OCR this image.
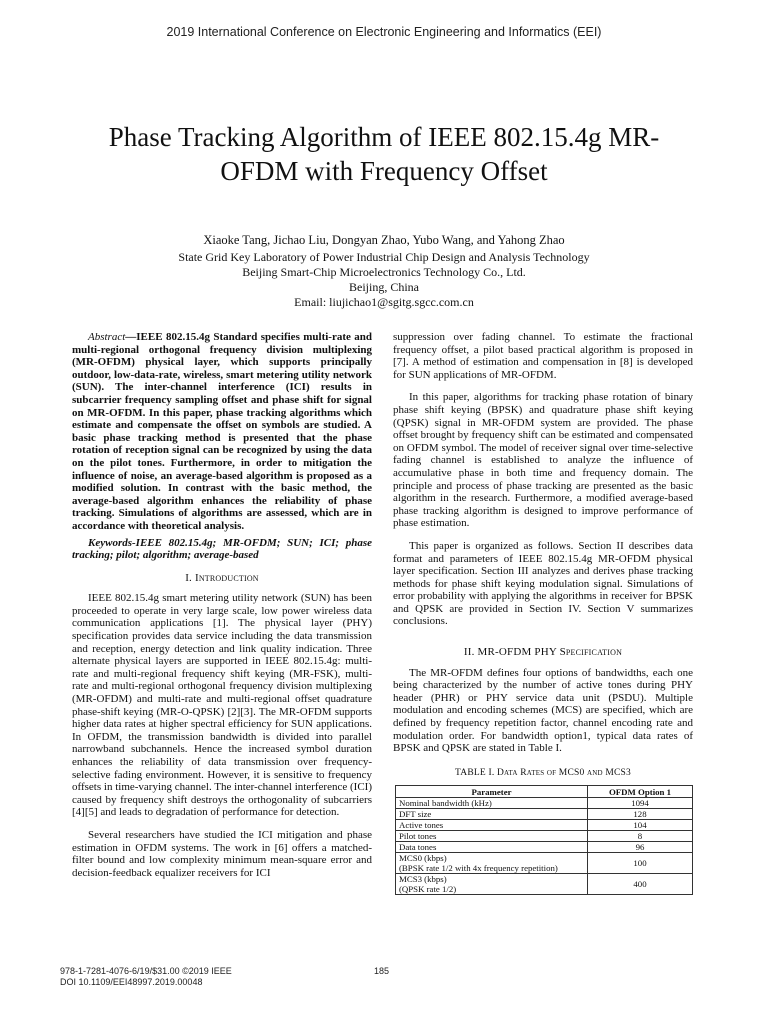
2019 International Conference on Electronic Engineering and Informatics (EEI)
Phase Tracking Algorithm of IEEE 802.15.4g MR-
OFDM with Frequency Offset
Xiaoke Tang, Jichao Liu, Dongyan Zhao, Yubo Wang, and Yahong Zhao
State Grid Key Laboratory of Power Industrial Chip Design and Analysis Technology
Beijing Smart-Chip Microelectronics Technology Co., Ltd.
Beijing, China
Email: liujichao1@sgitg.sgcc.com.cn

Abstract—IEEE 802.15.4g Standard specifies multi-rate and multi-regional orthogonal frequency division multiplexing (MR-OFDM) physical layer, which supports principally outdoor, low-data-rate, wireless, smart metering utility network (SUN). The inter-channel interference (ICI) results in subcarrier frequency sampling offset and phase shift for signal on MR-OFDM. In this paper, phase tracking algorithms which estimate and compensate the offset on symbols are studied. A basic phase tracking method is presented that the phase rotation of reception signal can be recognized by using the data on the pilot tones. Furthermore, in order to mitigation the influence of noise, an average-based algorithm is proposed as a modified solution. In contrast with the basic method, the average-based algorithm enhances the reliability of phase tracking. Simulations of algorithms are assessed, which are in accordance with theoretical analysis.

Keywords-IEEE 802.15.4g; MR-OFDM; SUN; ICI; phase tracking; pilot; algorithm; average-based

I. Introduction

IEEE 802.15.4g smart metering utility network (SUN) has been proceeded to operate in very large scale, low power wireless data communication applications [1]. The physical layer (PHY) specification provides data service including the data transmission and reception, energy detection and link quality indication. Three alternate physical layers are supported in IEEE 802.15.4g: multi-rate and multi-regional frequency shift keying (MR-FSK), multi-rate and multi-regional orthogonal frequency division multiplexing (MR-OFDM) and multi-rate and multi-regional offset quadrature phase-shift keying (MR-O-QPSK) [2][3]. The MR-OFDM supports higher data rates at higher spectral efficiency for SUN applications. In OFDM, the transmission bandwidth is divided into parallel narrowband subchannels. Hence the increased symbol duration enhances the reliability of data transmission over frequency-selective fading environment. However, it is sensitive to frequency offsets in time-varying channel. The inter-channel interference (ICI) caused by frequency shift destroys the orthogonality of subcarriers [4][5] and leads to degradation of performance for detection.

Several researchers have studied the ICI mitigation and phase estimation in OFDM systems. The work in [6] offers a matched-filter bound and low complexity minimum mean-square error and decision-feedback equalizer receivers for ICI

suppression over fading channel. To estimate the fractional frequency offset, a pilot based practical algorithm is proposed in [7]. A method of estimation and compensation in [8] is developed for SUN applications of MR-OFDM.

In this paper, algorithms for tracking phase rotation of binary phase shift keying (BPSK) and quadrature phase shift keying (QPSK) signal in MR-OFDM system are provided. The phase offset brought by frequency shift can be estimated and compensated on OFDM symbol. The model of receiver signal over time-selective fading channel is established to analyze the influence of accumulative phase in both time and frequency domain. The principle and process of phase tracking are presented as the basic algorithm in the research. Furthermore, a modified average-based phase tracking algorithm is designed to improve performance of phase estimation.

This paper is organized as follows. Section II describes data format and parameters of IEEE 802.15.4g MR-OFDM physical layer specification. Section III analyzes and derives phase tracking methods for phase shift keying modulation signal. Simulations of error probability with applying the algorithms in receiver for BPSK and QPSK are provided in Section IV. Section V summarizes conclusions.

II. MR-OFDM PHY Specification

The MR-OFDM defines four options of bandwidths, each one being characterized by the number of active tones during PHY header (PHR) or PHY service data unit (PSDU). Multiple modulation and encoding schemes (MCS) are specified, which are defined by frequency repetition factor, channel encoding rate and modulation order. For bandwidth option1, typical data rates of BPSK and QPSK are stated in Table I.

TABLE I. Data Rates of MCS0 and MCS3

Parameter	OFDM Option 1
Nominal bandwidth (kHz)	1094
DFT size	128
Active tones	104
Pilot tones	8
Data tones	96

MCS0 (kbps)
(BPSK rate 1/2 with 4x frequency repetition)	100

MCS3 (kbps)
(QPSK rate 1/2)	400
978-1-7281-4076-6/19/$31.00 ©2019 IEEE
DOI 10.1109/EEI48997.2019.00048
185
